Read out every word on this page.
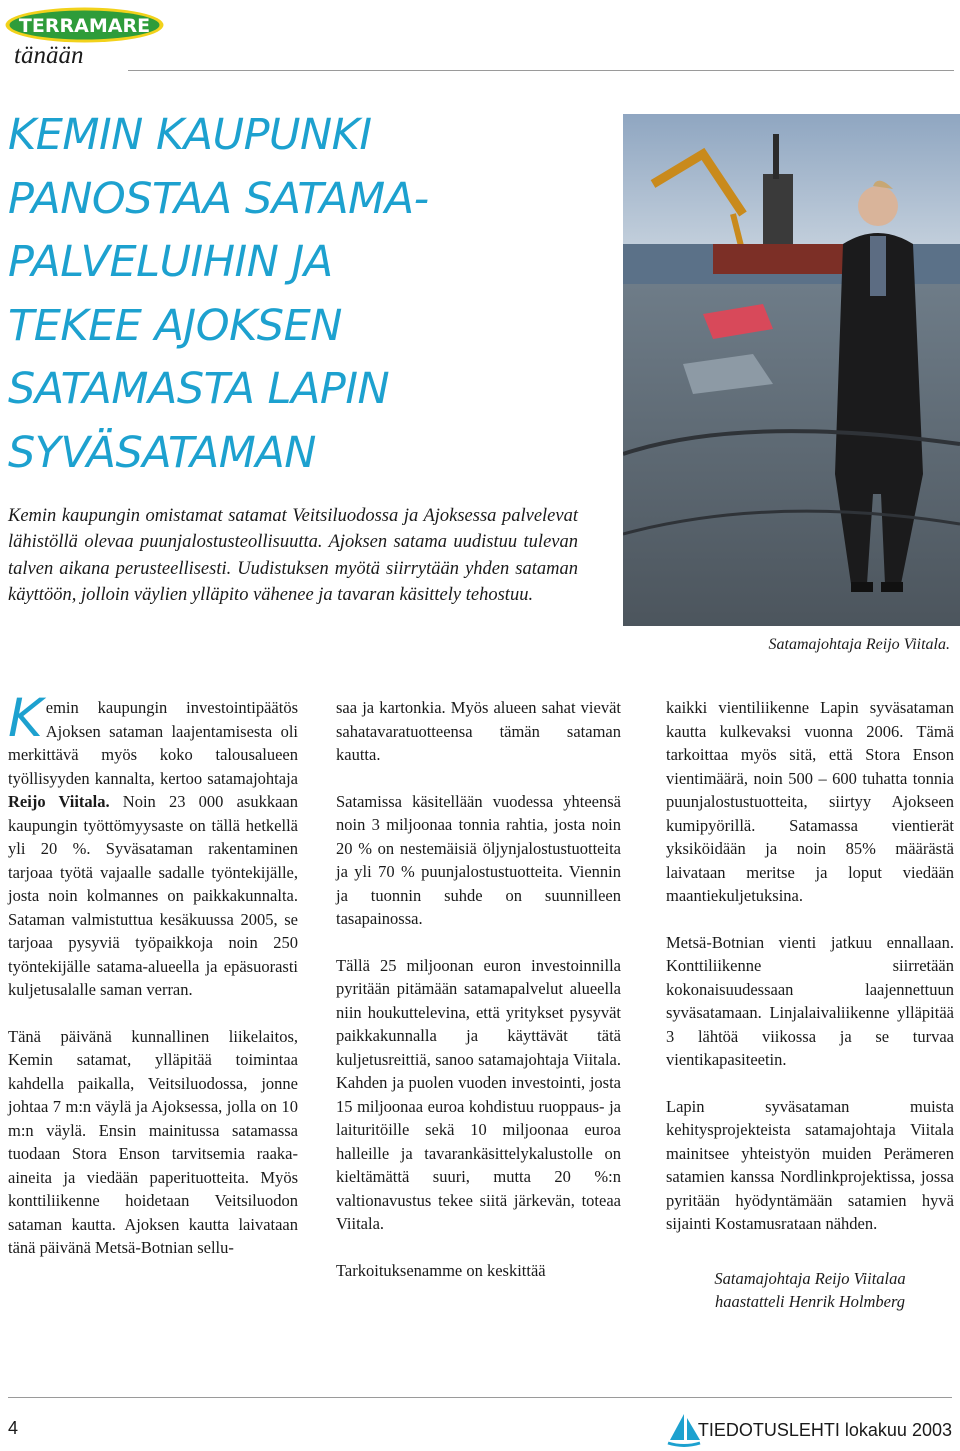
TERRAMARE
tänään
KEMIN KAUPUNKI
PANOSTAA SATAMA-
PALVELUIHIN JA
TEKEE AJOKSEN
SATAMASTA LAPIN
SYVÄSATAMAN

Kemin kaupungin omistamat satamat Veitsiluodossa ja Ajoksessa palvelevat lähistöllä olevaa puunjalostusteollisuutta. Ajoksen satama uudistuu tulevan talven aikana perusteellisesti. Uudistuksen myötä siirrytään yhden sataman käyttöön, jolloin väylien ylläpito vähenee ja tavaran käsittely tehostuu.

Satamajohtaja Reijo Viitala.

Kemin kaupungin investointipäätös Ajoksen sataman laajentamisesta oli merkittävä myös koko talousalueen työllisyyden kannalta, kertoo satamajohtaja Reijo Viitala. Noin 23 000 asukkaan kaupungin työttömyysaste on tällä hetkellä yli 20 %. Syväsataman rakentaminen tarjoaa työtä vajaalle sadalle työntekijälle, josta noin kolmannes on paikkakunnalta. Sataman valmistuttua kesäkuussa 2005, se tarjoaa pysyviä työpaikkoja noin 250 työntekijälle satama-alueella ja epäsuorasti kuljetusalalle saman verran.

Tänä päivänä kunnallinen liikelaitos, Kemin satamat, ylläpitää toimintaa kahdella paikalla, Veitsiluodossa, jonne johtaa 7 m:n väylä ja Ajoksessa, jolla on 10 m:n väylä. Ensin mainitussa satamassa tuodaan Stora Enson tarvitsemia raaka-aineita ja viedään paperituotteita. Myös konttiliikenne hoidetaan Veitsiluodon sataman kautta. Ajoksen kautta laivataan tänä päivänä Metsä-Botnian sellu-

saa ja kartonkia. Myös alueen sahat vievät sahatavaratuotteensa tämän sataman kautta.

Satamissa käsitellään vuodessa yhteensä noin 3 miljoonaa tonnia rahtia, josta noin 20 % on nestemäisiä öljynjalostustuotteita ja yli 70 % puunjalostustuotteita. Viennin ja tuonnin suhde on suunnilleen tasapainossa.

Tällä 25 miljoonan euron investoinnilla pyritään pitämään satamapalvelut alueella niin houkuttelevina, että yritykset pysyvät paikkakunnalla ja käyttävät tätä kuljetusreittiä, sanoo satamajohtaja Viitala. Kahden ja puolen vuoden investointi, josta 15 miljoonaa euroa kohdistuu ruoppaus- ja laituritöille sekä 10 miljoonaa euroa halleille ja tavarankäsittelykalustolle on kieltämättä suuri, mutta 20 %:n valtionavustus tekee siitä järkevän, toteaa Viitala.

Tarkoituksenamme on keskittää

kaikki vientiliikenne Lapin syväsataman kautta kulkevaksi vuonna 2006. Tämä tarkoittaa myös sitä, että Stora Enson vientimäärä, noin 500 – 600 tuhatta tonnia puunjalostustuotteita, siirtyy Ajokseen kumipyörillä. Satamassa vientierät yksiköidään ja noin 85% määrästä laivataan meritse ja loput viedään maantiekuljetuksina.

Metsä-Botnian vienti jatkuu ennallaan. Konttiliikenne siirretään kokonaisuudessaan laajennettuun syväsatamaan. Linjalaivaliikenne ylläpitää 3 lähtöä viikossa ja se turvaa vientikapasiteetin.

Lapin syväsataman muista kehitysprojekteista satamajohtaja Viitala mainitsee yhteistyön muiden Perämeren satamien kanssa Nordlinkprojektissa, jossa pyritään hyödyntämään satamien hyvä sijainti Kostamusrataan nähden.

Satamajohtaja Reijo Viitalaa
haastatteli Henrik Holmberg

4	TIEDOTUSLEHTI lokakuu 2003
